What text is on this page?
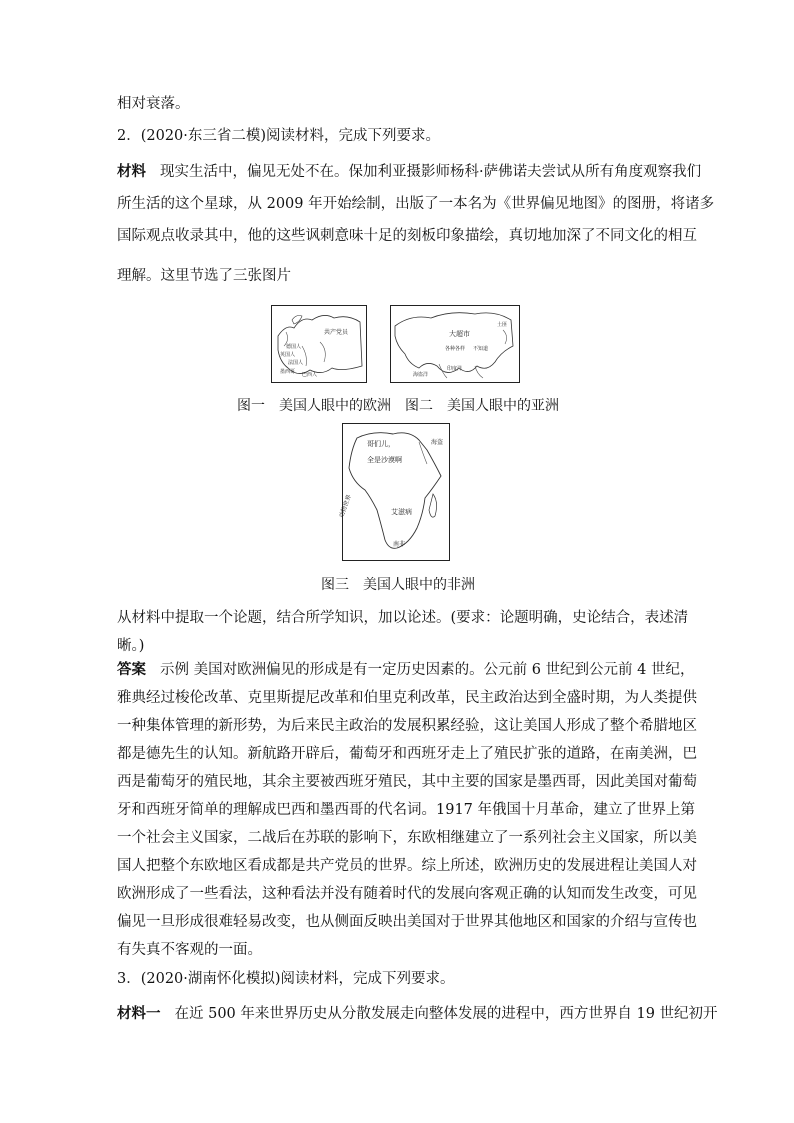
相对衰落。
2．(2020·东三省二模)阅读材料，完成下列要求。
材料 现实生活中，偏见无处不在。保加利亚摄影师杨科·萨佛诺夫尝试从所有角度观察我们
所生活的这个星球，从 2009 年开始绘制，出版了一本名为《世界偏见地图》的图册，将诸多
国际观点收录其中，他的这些讽刺意味十足的刻板印象描绘，真切地加深了不同文化的相互
理解。这里节选了三张图片
共产党员
德国人
英国人
法国人
墨西哥 巴西人
大超市
各种各样 不知道
印度洋
海盗洋
土匪
图一　美国人眼中的欧洲　图二　美国人眼中的亚洲
哥们儿，
全是沙漠啊
海盗
艾滋病
南非
动物世界
图三　美国人眼中的非洲
从材料中提取一个论题，结合所学知识，加以论述。(要求：论题明确，史论结合，表述清
晰。)
答案 示例 美国对欧洲偏见的形成是有一定历史因素的。公元前 6 世纪到公元前 4 世纪，
雅典经过梭伦改革、克里斯提尼改革和伯里克利改革，民主政治达到全盛时期，为人类提供
一种集体管理的新形势，为后来民主政治的发展积累经验，这让美国人形成了整个希腊地区
都是德先生的认知。新航路开辟后，葡萄牙和西班牙走上了殖民扩张的道路，在南美洲，巴
西是葡萄牙的殖民地，其余主要被西班牙殖民，其中主要的国家是墨西哥，因此美国对葡萄
牙和西班牙简单的理解成巴西和墨西哥的代名词。1917 年俄国十月革命，建立了世界上第
一个社会主义国家，二战后在苏联的影响下，东欧相继建立了一系列社会主义国家，所以美
国人把整个东欧地区看成都是共产党员的世界。综上所述，欧洲历史的发展进程让美国人对
欧洲形成了一些看法，这种看法并没有随着时代的发展向客观正确的认知而发生改变，可见
偏见一旦形成很难轻易改变，也从侧面反映出美国对于世界其他地区和国家的介绍与宣传也
有失真不客观的一面。
3．(2020·湖南怀化模拟)阅读材料，完成下列要求。
材料一 在近 500 年来世界历史从分散发展走向整体发展的进程中，西方世界自 19 世纪初开
